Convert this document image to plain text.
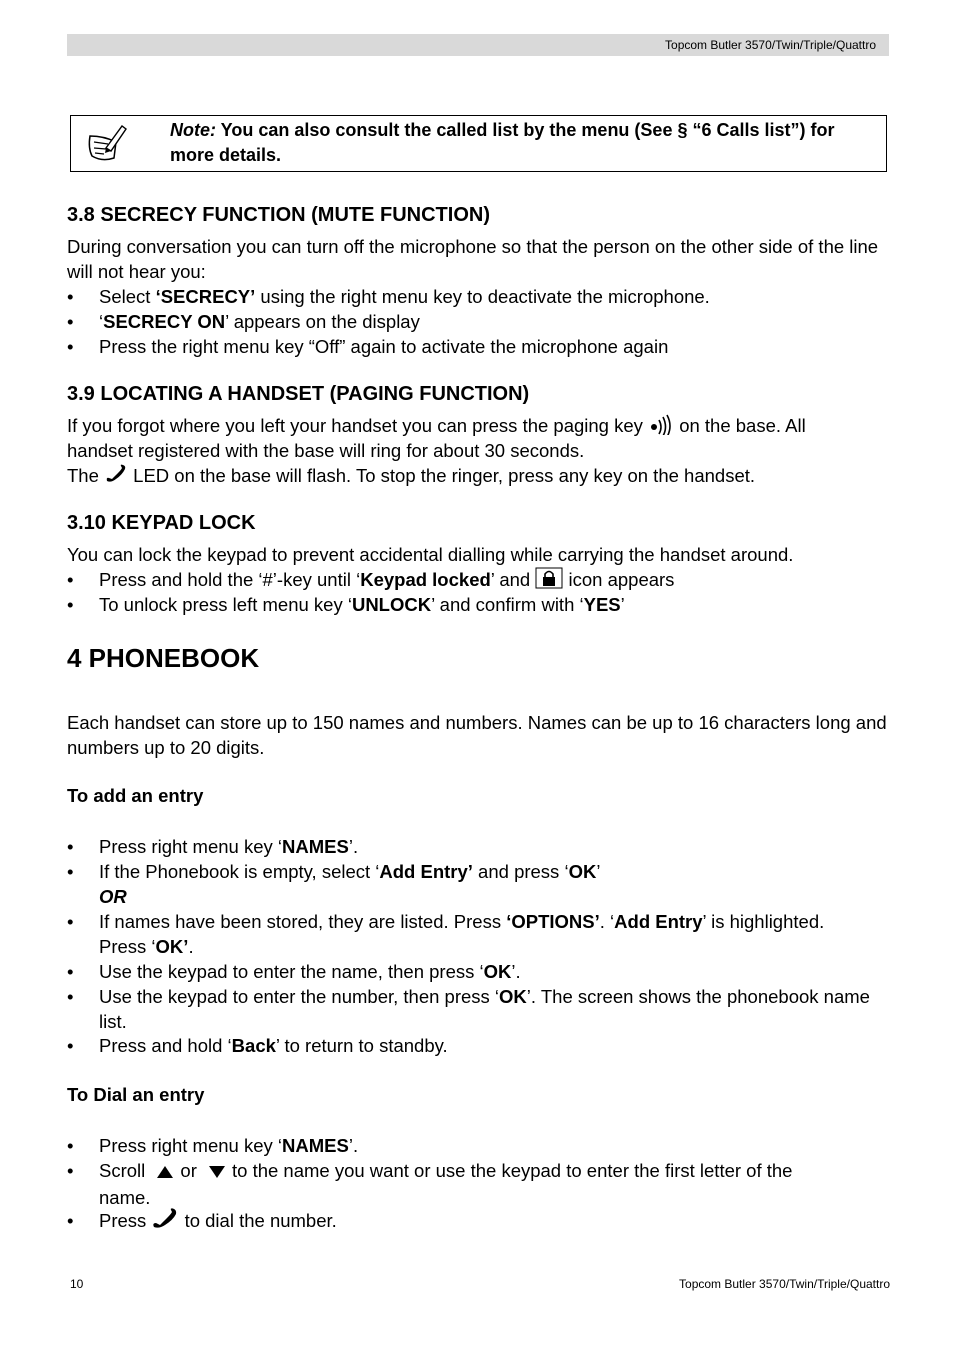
Topcom Butler 3570/Twin/Triple/Quattro
Note: You can also consult the called list by the menu (See § “6 Calls list”) for more details.
3.8 SECRECY FUNCTION (MUTE FUNCTION)
During conversation you can turn off the microphone so that the person on the other side of the line will not hear you:
• Select ‘SECRECY’ using the right menu key to deactivate the microphone.
• ‘SECRECY ON’ appears on the display
• Press the right menu key “Off” again to activate the microphone again
3.9 LOCATING A HANDSET (PAGING FUNCTION)
If you forgot where you left your handset you can press the paging key on the base. All
handset registered with the base will ring for about 30 seconds.
The LED on the base will flash. To stop the ringer, press any key on the handset.
3.10 KEYPAD LOCK
You can lock the keypad to prevent accidental dialling while carrying the handset around.
• Press and hold the ‘#’-key until ‘Keypad locked’ and icon appears
• To unlock press left menu key ‘UNLOCK’ and confirm with ‘YES’
4 PHONEBOOK
Each handset can store up to 150 names and numbers. Names can be up to 16 characters long and numbers up to 20 digits.
To add an entry
• Press right menu key ‘NAMES’.
• If the Phonebook is empty, select ‘Add Entry’ and press ‘OK’
OR
• If names have been stored, they are listed. Press ‘OPTIONS’. ‘Add Entry’ is highlighted.
Press ‘OK’.
• Use the keypad to enter the name, then press ‘OK’.
• Use the keypad to enter the number, then press ‘OK’. The screen shows the phonebook name list.
• Press and hold ‘Back’ to return to standby.
To Dial an entry
• Press right menu key ‘NAMES’.
• Scroll or to the name you want or use the keypad to enter the first letter of the
name.
• Press to dial the number.
10	Topcom Butler 3570/Twin/Triple/Quattro
